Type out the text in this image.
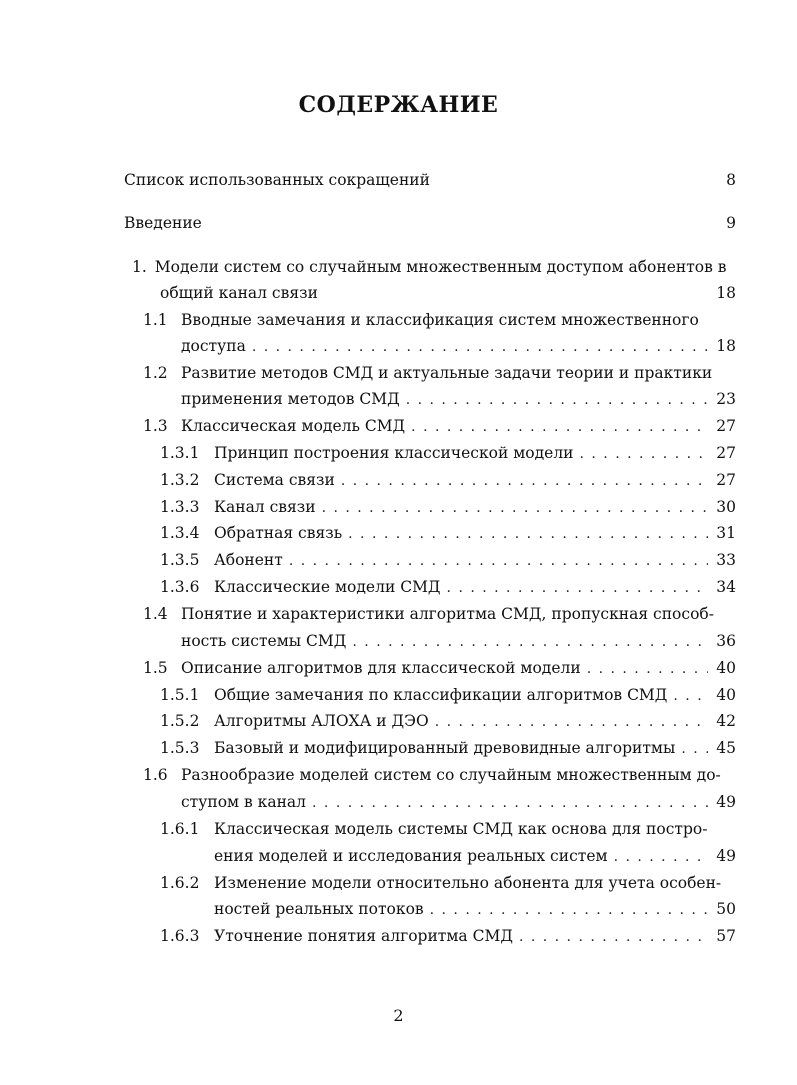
СОДЕРЖАНИЕ
Список использованных сокращений	8
Введение	9
1. Модели систем со случайным множественным доступом абонентов в
общий канал связи	18
1.1 Вводные замечания и классификация систем множественного
доступа . . .	18
1.2 Развитие методов СМД и актуальные задачи теории и практики
применения методов СМД . . .	23
1.3 Классическая модель СМД . . .	27
1.3.1 Принцип построения классической модели . . .	27
1.3.2 Система связи . . .	27
1.3.3 Канал связи . . .	30
1.3.4 Обратная связь . . .	31
1.3.5 Абонент . . .	33
1.3.6 Классические модели СМД . . .	34
1.4 Понятие и характеристики алгоритма СМД, пропускная способ-
ность системы СМД . . .	36
1.5 Описание алгоритмов для классической модели . . .	40
1.5.1 Общие замечания по классификации алгоритмов СМД . . .	40
1.5.2 Алгоритмы АЛОХА и ДЭО . . .	42
1.5.3 Базовый и модифицированный древовидные алгоритмы . . .	45
1.6 Разнообразие моделей систем со случайным множественным до-
ступом в канал . . .	49
1.6.1 Классическая модель системы СМД как основа для постро-
ения моделей и исследования реальных систем . . .	49
1.6.2 Изменение модели относительно абонента для учета особен-
ностей реальных потоков . . .	50
1.6.3 Уточнение понятия алгоритма СМД . . .	57
2
